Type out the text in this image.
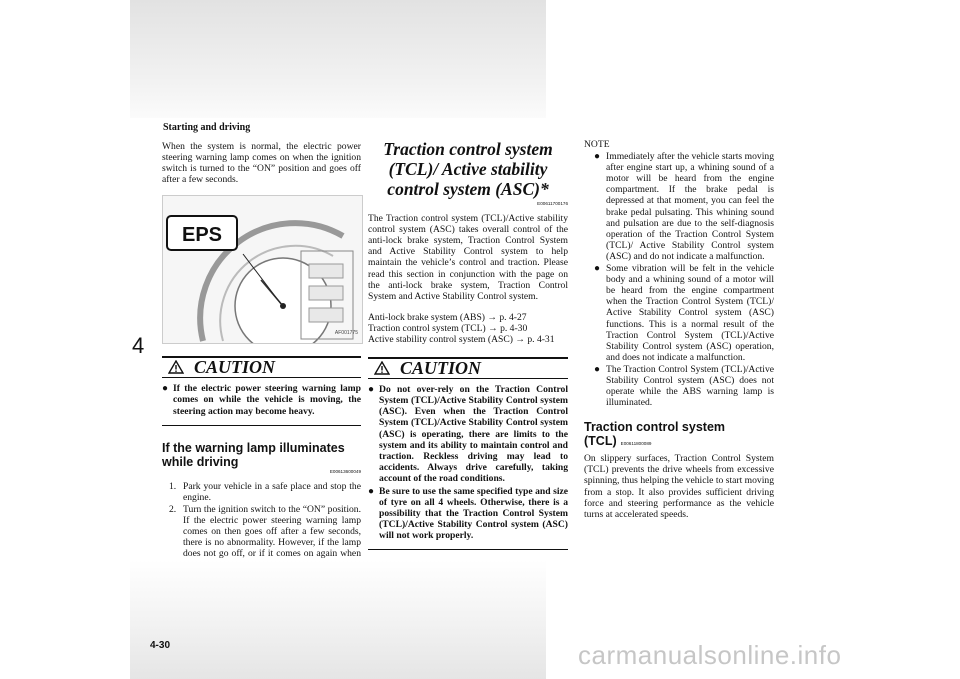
Starting and driving

When the system is normal, the electric power steering warning lamp comes on when the ignition switch is turned to the “ON” position and goes off after a few seconds.

EPS
AF001775
CAUTION
● If the electric power steering warning lamp comes on while the vehicle is moving, the steering action may become heavy.
If the warning lamp illuminates while driving
E00613600049
1. Park your vehicle in a safe place and stop the engine.
2. Turn the ignition switch to the “ON” position. If the electric power steering warning lamp comes on then goes off after a few seconds, there is no abnormality. However, if the lamp does not go off, or if it comes on again when
Traction control system (TCL)/ Active stability control system (ASC)*
E00611700176

The Traction control system (TCL)/Active stability control system (ASC) takes overall control of the anti-lock brake system, Traction Control System and Active Stability Control system to help maintain the vehicle’s control and traction. Please read this section in conjunction with the page on the anti-lock brake system, Traction Control System and Active Stability Control system.

Anti-lock brake system (ABS) → p. 4-27

Traction control system (TCL) → p. 4-30

Active stability control system (ASC) → p. 4-31

CAUTION
● Do not over-rely on the Traction Control System (TCL)/Active Stability Control system (ASC). Even when the Traction Control System (TCL)/Active Stability Control system (ASC) is operating, there are limits to the system and its ability to maintain control and traction. Reckless driving may lead to accidents. Always drive carefully, taking account of the road conditions.
● Be sure to use the same specified type and size of tyre on all 4 wheels. Otherwise, there is a possibility that the Traction Control System (TCL)/Active Stability Control system (ASC) will not work properly.

NOTE

● Immediately after the vehicle starts moving after engine start up, a whining sound of a motor will be heard from the engine compartment. If the brake pedal is depressed at that moment, you can feel the brake pedal pulsating. This whining sound and pulsation are due to the self-diagnosis operation of the Traction Control System (TCL)/ Active Stability Control system (ASC) and do not indicate a malfunction.
● Some vibration will be felt in the vehicle body and a whining sound of a motor will be heard from the engine compartment when the Traction Control System (TCL)/ Active Stability Control system (ASC) functions. This is a normal result of the Traction Control System (TCL)/Active Stability Control system (ASC) operation, and does not indicate a malfunction.
● The Traction Control System (TCL)/Active Stability Control system (ASC) does not operate while the ABS warning lamp is illuminated.
Traction control system (TCL) E00611800089

On slippery surfaces, Traction Control System (TCL) prevents the drive wheels from excessive spinning, thus helping the vehicle to start moving from a stop. It also provides sufficient driving force and steering performance as the vehicle turns at accelerated speeds.

4
4-30	carmanualsonline.info
